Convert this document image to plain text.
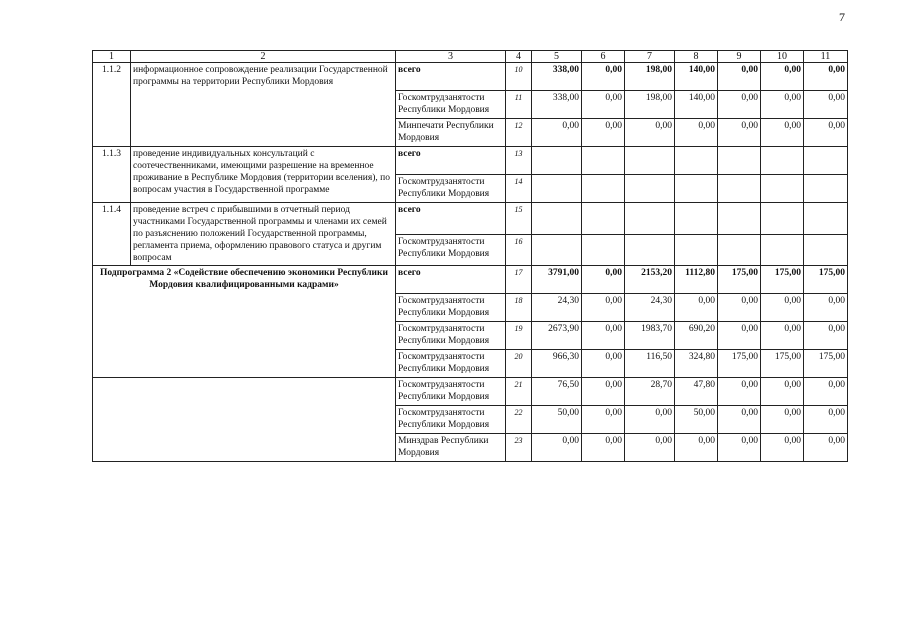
7
1	2	3	4	5	6	7	8	9	10	11
1.1.2	информационное сопровождение реализации Государственной программы на территории Республики Мордовия	всего	10	338,00	0,00	198,00	140,00	0,00	0,00	0,00
		Госкомтрудзанятости Республики Мордовия	11	338,00	0,00	198,00	140,00	0,00	0,00	0,00
		Минпечати Республики Мордовия	12	0,00	0,00	0,00	0,00	0,00	0,00	0,00
1.1.3	проведение индивидуальных консультаций с соотечественниками, имеющими разрешение на временное проживание в Республике Мордовия (территории вселения), по вопросам участия в Государственной программе	всего	13							
		Госкомтрудзанятости Республики Мордовия	14							
1.1.4	проведение встреч с прибывшими в отчетный период участниками Государственной программы и членами их семей по разъяснению положений Государственной программы, регламента приема, оформлению правового статуса и другим вопросам	всего	15							
		Госкомтрудзанятости Республики Мордовия	16							
Подпрограмма 2 «Содействие обеспечению экономики Республики Мордовия квалифицированными кадрами»		всего	17	3791,00	0,00	2153,20	1112,80	175,00	175,00	175,00
		Госкомтрудзанятости Республики Мордовия	18	24,30	0,00	24,30	0,00	0,00	0,00	0,00
		Госкомтрудзанятости Республики Мордовия	19	2673,90	0,00	1983,70	690,20	0,00	0,00	0,00
		Госкомтрудзанятости Республики Мордовия	20	966,30	0,00	116,50	324,80	175,00	175,00	175,00
		Госкомтрудзанятости Республики Мордовия	21	76,50	0,00	28,70	47,80	0,00	0,00	0,00
		Госкомтрудзанятости Республики Мордовия	22	50,00	0,00	0,00	50,00	0,00	0,00	0,00
		Минздрав Республики Мордовия	23	0,00	0,00	0,00	0,00	0,00	0,00	0,00
